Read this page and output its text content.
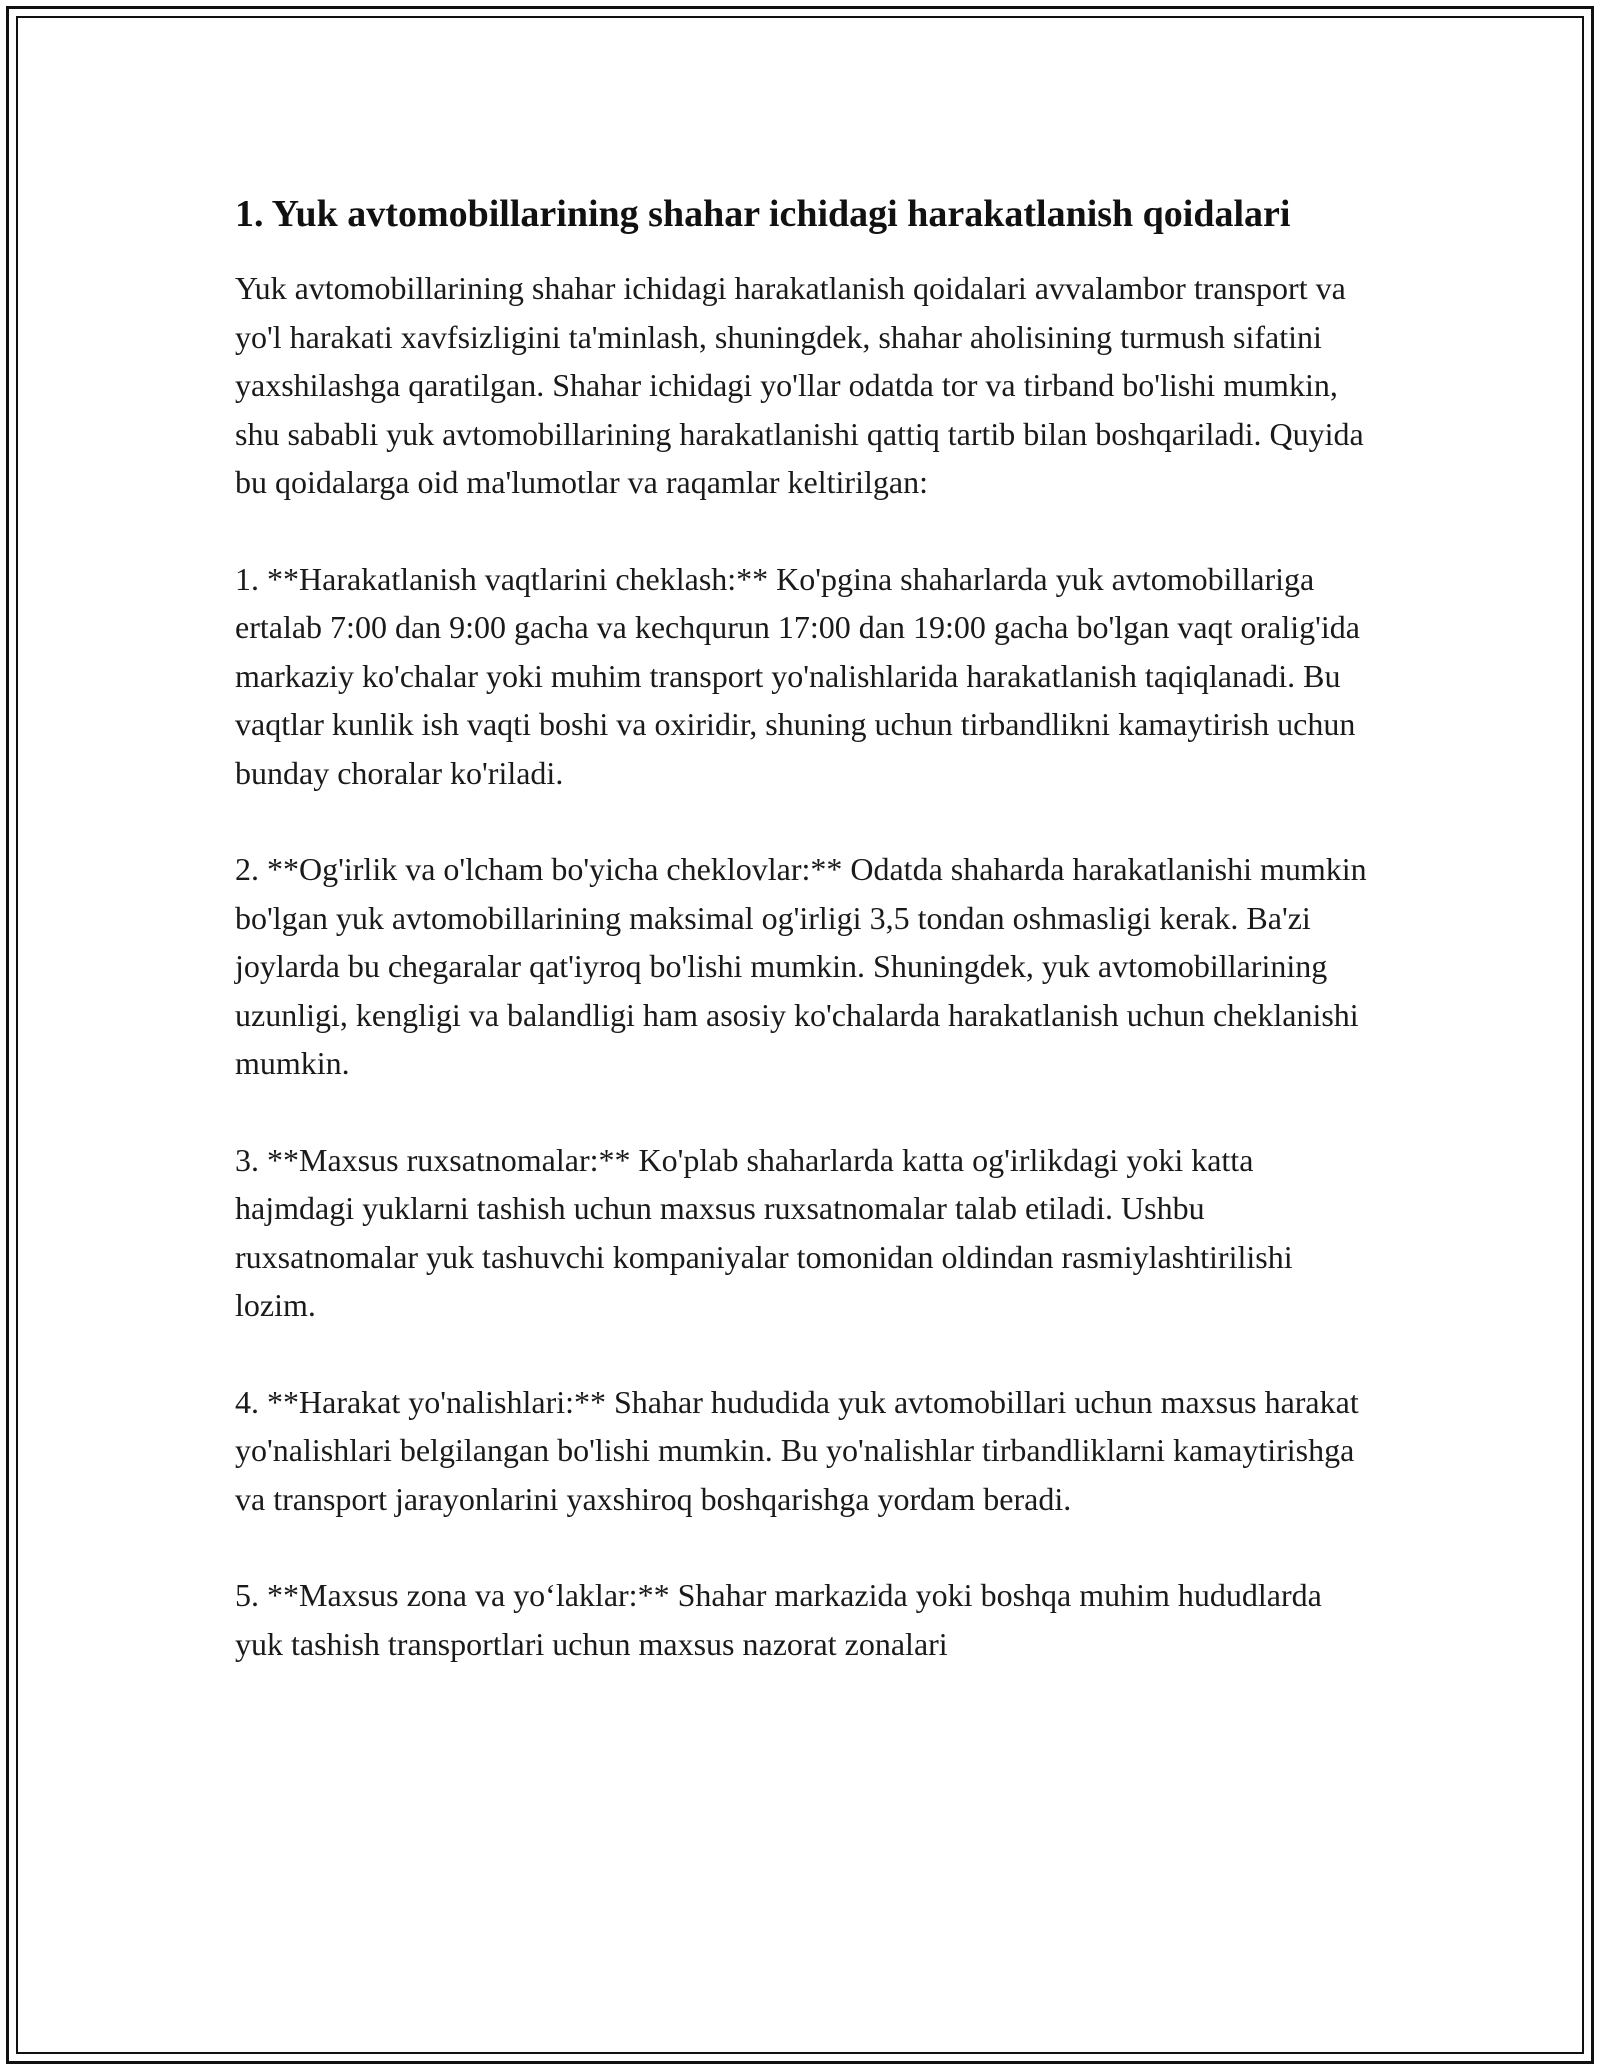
1. Yuk avtomobillarining shahar ichidagi harakatlanish qoidalari

Yuk avtomobillarining shahar ichidagi harakatlanish qoidalari avvalambor transport va yo'l harakati xavfsizligini ta'minlash, shuningdek, shahar aholisining turmush sifatini yaxshilashga qaratilgan. Shahar ichidagi yo'llar odatda tor va tirband bo'lishi mumkin, shu sababli yuk avtomobillarining harakatlanishi qattiq tartib bilan boshqariladi. Quyida bu qoidalarga oid ma'lumotlar va raqamlar keltirilgan:

1. **Harakatlanish vaqtlarini cheklash:** Ko'pgina shaharlarda yuk avtomobillariga ertalab 7:00 dan 9:00 gacha va kechqurun 17:00 dan 19:00 gacha bo'lgan vaqt oralig'ida markaziy ko'chalar yoki muhim transport yo'nalishlarida harakatlanish taqiqlanadi. Bu vaqtlar kunlik ish vaqti boshi va oxiridir, shuning uchun tirbandlikni kamaytirish uchun bunday choralar ko'riladi.

2. **Og'irlik va o'lcham bo'yicha cheklovlar:** Odatda shaharda harakatlanishi mumkin bo'lgan yuk avtomobillarining maksimal og'irligi 3,5 tondan oshmasligi kerak. Ba'zi joylarda bu chegaralar qat'iyroq bo'lishi mumkin. Shuningdek, yuk avtomobillarining uzunligi, kengligi va balandligi ham asosiy ko'chalarda harakatlanish uchun cheklanishi mumkin.

3. **Maxsus ruxsatnomalar:** Ko'plab shaharlarda katta og'irlikdagi yoki katta hajmdagi yuklarni tashish uchun maxsus ruxsatnomalar talab etiladi. Ushbu ruxsatnomalar yuk tashuvchi kompaniyalar tomonidan oldindan rasmiylashtirilishi lozim.

4. **Harakat yo'nalishlari:** Shahar hududida yuk avtomobillari uchun maxsus harakat yo'nalishlari belgilangan bo'lishi mumkin. Bu yo'nalishlar tirbandliklarni kamaytirishga va transport jarayonlarini yaxshiroq boshqarishga yordam beradi.

5. **Maxsus zona va yo‘laklar:** Shahar markazida yoki boshqa muhim hududlarda yuk tashish transportlari uchun maxsus nazorat zonalari
